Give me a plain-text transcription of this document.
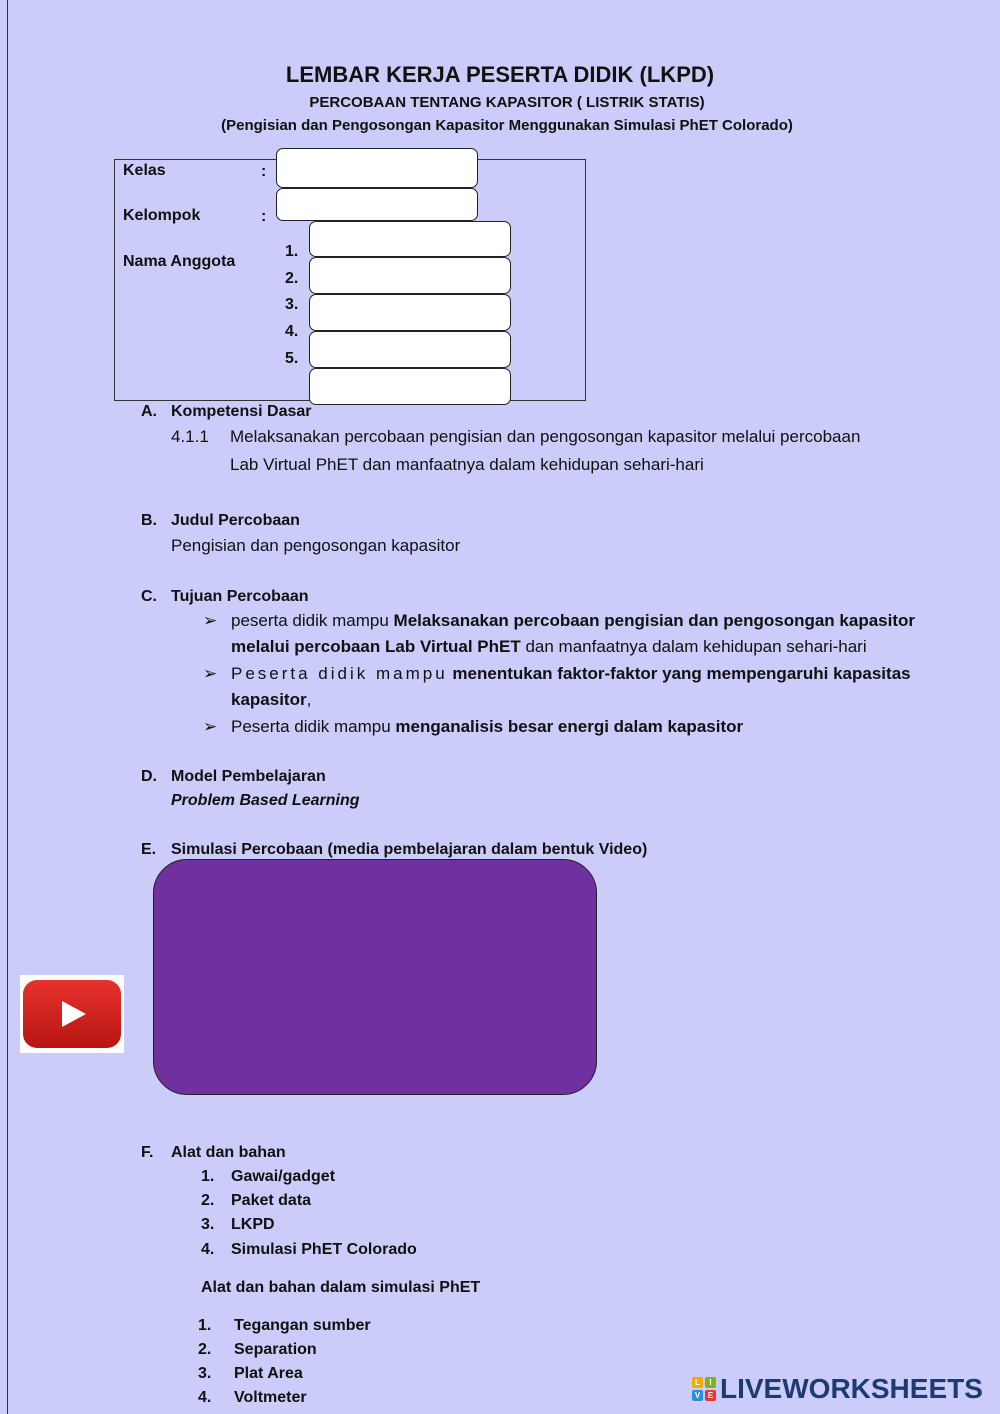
LEMBAR KERJA PESERTA DIDIK (LKPD)
PERCOBAAN TENTANG KAPASITOR ( LISTRIK STATIS)
(Pengisian dan Pengosongan Kapasitor Menggunakan Simulasi PhET Colorado)
Kelas	:
Kelompok	:
Nama Anggota
1.
2.
3.
4.
5.
A. Kompetensi Dasar
4.1.1 Melaksanakan percobaan pengisian dan pengosongan kapasitor melalui percobaan
Lab Virtual PhET dan manfaatnya dalam kehidupan sehari-hari
B. Judul Percobaan
Pengisian dan pengosongan kapasitor
C. Tujuan Percobaan
➢ peserta didik mampu Melaksanakan percobaan pengisian dan pengosongan kapasitor
melalui percobaan Lab Virtual PhET dan manfaatnya dalam kehidupan sehari-hari
➢ Peserta didik mampu menentukan faktor-faktor yang mempengaruhi kapasitas
kapasitor,
➢ Peserta didik mampu menganalisis besar energi dalam kapasitor
D. Model Pembelajaran
Problem Based Learning
E. Simulasi Percobaan (media pembelajaran dalam bentuk Video)
F. Alat dan bahan
1. Gawai/gadget
2. Paket data
3. LKPD
4. Simulasi PhET Colorado
Alat dan bahan dalam simulasi PhET
1. Tegangan sumber
2. Separation
3. Plat Area
4. Voltmeter
L	I
V E LIVEWORKSHEETS
